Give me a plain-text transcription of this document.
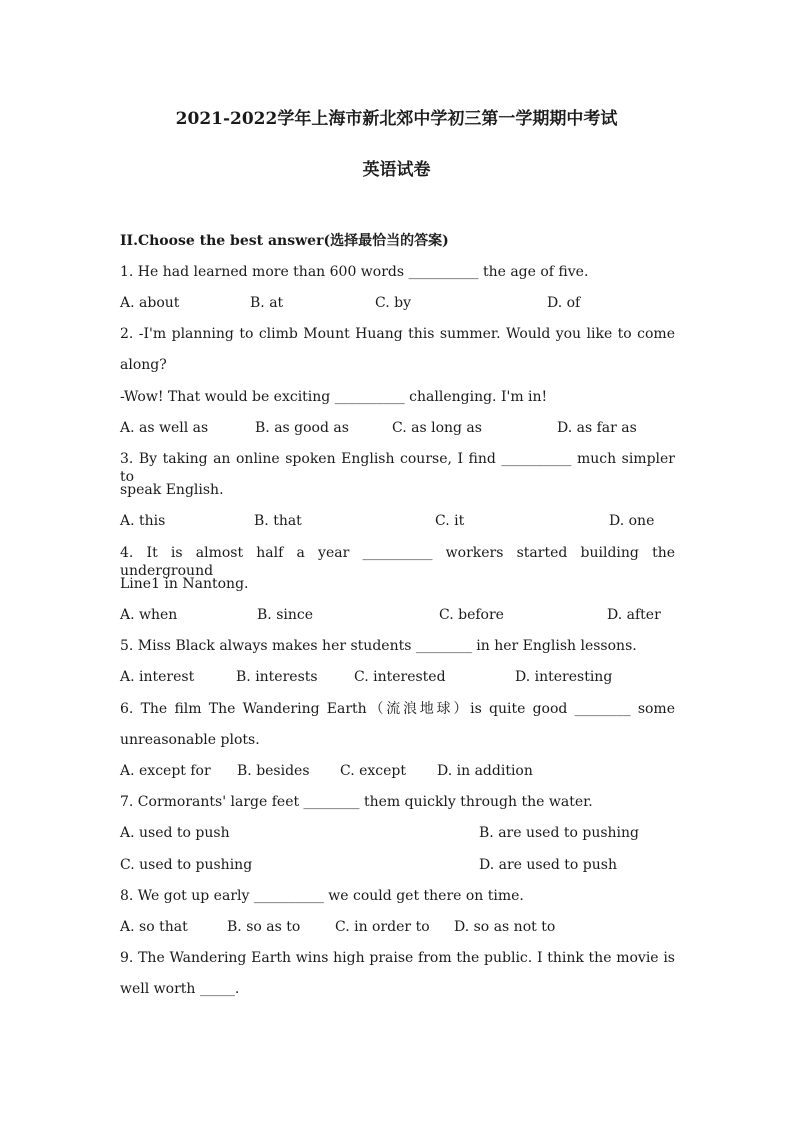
2021-2022学年上海市新北郊中学初三第一学期期中考试
英语试卷
II.Choose the best answer(选择最恰当的答案)
1. He had learned more than 600 words __________ the age of five.
A. about	B. at	C. by	D. of
2. -I'm planning to climb Mount Huang this summer. Would you like to come
along?
-Wow! That would be exciting __________ challenging. I'm in!
A. as well as	B. as good as	C. as long as	D. as far as
3. By taking an online spoken English course, I find __________ much simpler to
speak English.
A. this	B. that	C. it	D. one
4. It is almost half a year __________ workers started building the underground
Line1 in Nantong.
A. when	B. since	C. before	D. after
5. Miss Black always makes her students ________ in her English lessons.
A. interest	B. interests	C. interested	D. interesting
6. The film The Wandering Earth（流浪地球）is quite good ________ some
unreasonable plots.
A. except for B. besides C. except D. in addition
7. Cormorants' large feet ________ them quickly through the water.
A. used to push	B. are used to pushing
C. used to pushing	D. are used to push
8. We got up early __________ we could get there on time.
A. so that	B. so as to C. in order to D. so as not to
9. The Wandering Earth wins high praise from the public. I think the movie is
well worth _____.
